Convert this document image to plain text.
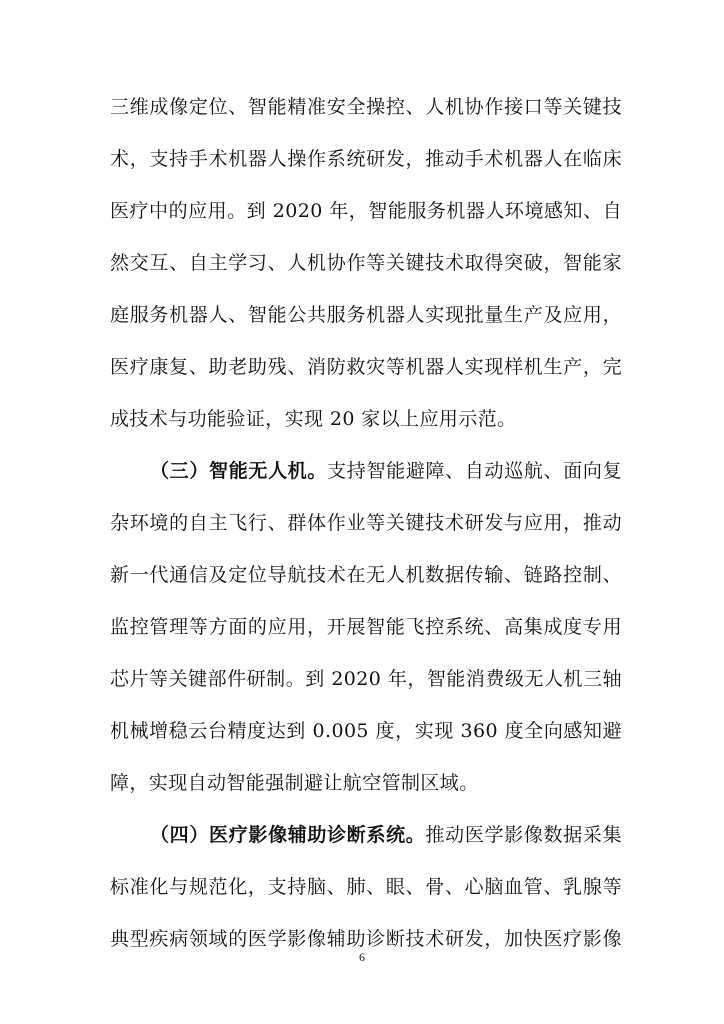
三维成像定位、智能精准安全操控、人机协作接口等关键技
术，支持手术机器人操作系统研发，推动手术机器人在临床
医疗中的应用。到 2020 年，智能服务机器人环境感知、自
然交互、自主学习、人机协作等关键技术取得突破，智能家
庭服务机器人、智能公共服务机器人实现批量生产及应用，
医疗康复、助老助残、消防救灾等机器人实现样机生产，完
成技术与功能验证，实现 20 家以上应用示范。
（三）智能无人机。支持智能避障、自动巡航、面向复
杂环境的自主飞行、群体作业等关键技术研发与应用，推动
新一代通信及定位导航技术在无人机数据传输、链路控制、
监控管理等方面的应用，开展智能飞控系统、高集成度专用
芯片等关键部件研制。到 2020 年，智能消费级无人机三轴
机械增稳云台精度达到 0.005 度，实现 360 度全向感知避
障，实现自动智能强制避让航空管制区域。
（四）医疗影像辅助诊断系统。推动医学影像数据采集
标准化与规范化，支持脑、肺、眼、骨、心脑血管、乳腺等
典型疾病领域的医学影像辅助诊断技术研发，加快医疗影像
6
